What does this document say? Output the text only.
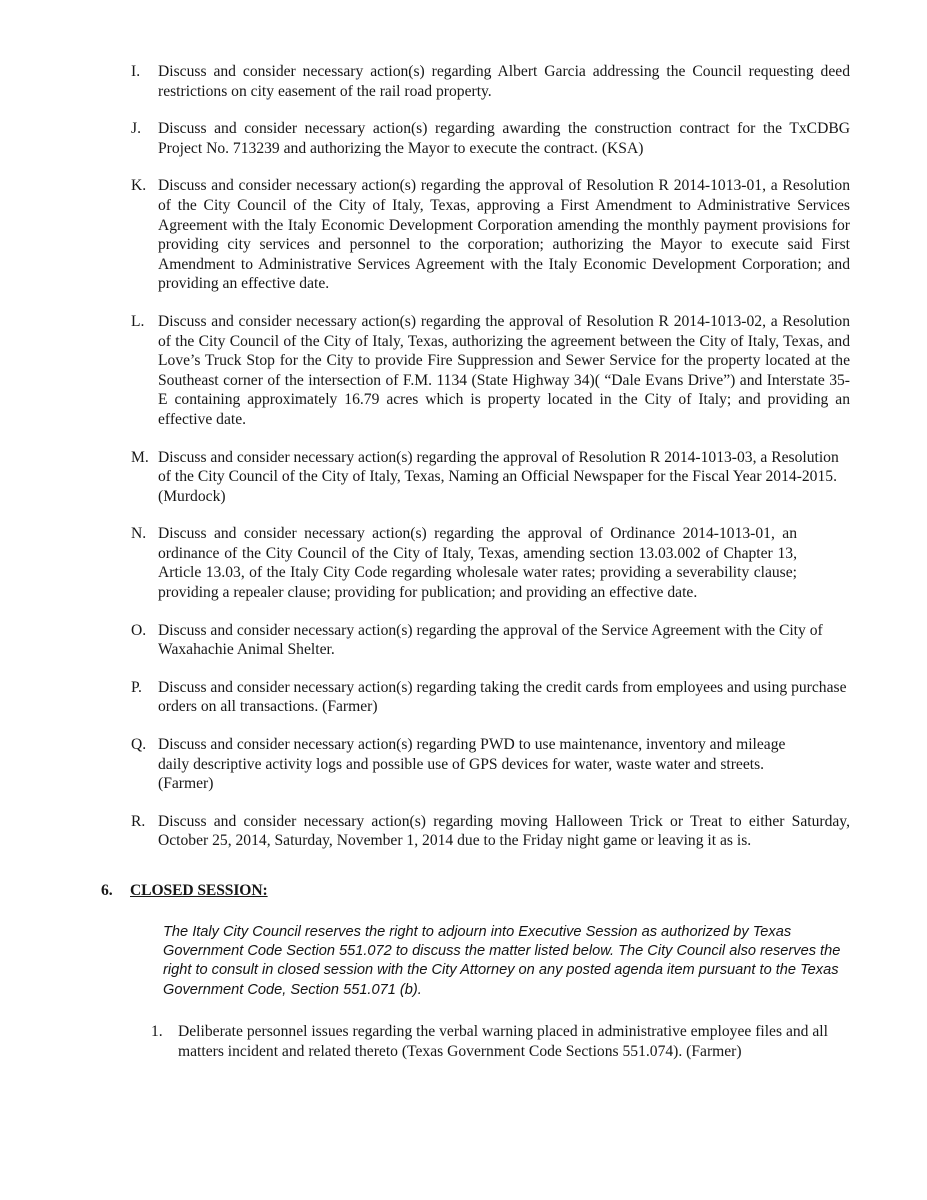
I.	Discuss and consider necessary action(s) regarding Albert Garcia addressing the Council requesting deed restrictions on city easement of the rail road property.
J.	Discuss and consider necessary action(s) regarding awarding the construction contract for the TxCDBG Project No. 713239 and authorizing the Mayor to execute the contract. (KSA)
K. Discuss and consider necessary action(s) regarding the approval of Resolution R 2014-1013-01, a Resolution of the City Council of the City of Italy, Texas, approving a First Amendment to Administrative Services Agreement with the Italy Economic Development Corporation amending the monthly payment provisions for providing city services and personnel to the corporation; authorizing the Mayor to execute said First Amendment to Administrative Services Agreement with the Italy Economic Development Corporation; and providing an effective date.
L. Discuss and consider necessary action(s) regarding the approval of Resolution R 2014-1013-02, a Resolution of the City Council of the City of Italy, Texas, authorizing the agreement between the City of Italy, Texas, and Love’s Truck Stop for the City to provide Fire Suppression and Sewer Service for the property located at the Southeast corner of the intersection of F.M. 1134 (State Highway 34)( “Dale Evans Drive”) and Interstate 35-E containing approximately 16.79 acres which is property located in the City of Italy; and providing an effective date.
M. Discuss and consider necessary action(s) regarding the approval of Resolution R 2014-1013-03, a Resolution of the City Council of the City of Italy, Texas, Naming an Official Newspaper for the Fiscal Year 2014-2015. (Murdock)
N. Discuss and consider necessary action(s) regarding the approval of Ordinance 2014-1013-01, an ordinance of the City Council of the City of Italy, Texas, amending section 13.03.002 of Chapter 13, Article 13.03, of the Italy City Code regarding wholesale water rates; providing a severability clause; providing a repealer clause; providing for publication; and providing an effective date.
O. Discuss and consider necessary action(s) regarding the approval of the Service Agreement with the City of Waxahachie Animal Shelter.
P.	Discuss and consider necessary action(s) regarding taking the credit cards from employees and using purchase orders on all transactions. (Farmer)
Q. Discuss and consider necessary action(s) regarding PWD to use maintenance, inventory and mileage daily descriptive activity logs and possible use of GPS devices for water, waste water and streets. (Farmer)
R. Discuss and consider necessary action(s) regarding moving Halloween Trick or Treat to either Saturday, October 25, 2014, Saturday, November 1, 2014 due to the Friday night game or leaving it as is.
6. CLOSED SESSION:

The Italy City Council reserves the right to adjourn into Executive Session as authorized by Texas Government Code Section 551.072 to discuss the matter listed below. The City Council also reserves the right to consult in closed session with the City Attorney on any posted agenda item pursuant to the Texas Government Code, Section 551.071 (b).

1. Deliberate personnel issues regarding the verbal warning placed in administrative employee files and all matters incident and related thereto (Texas Government Code Sections 551.074). (Farmer)
